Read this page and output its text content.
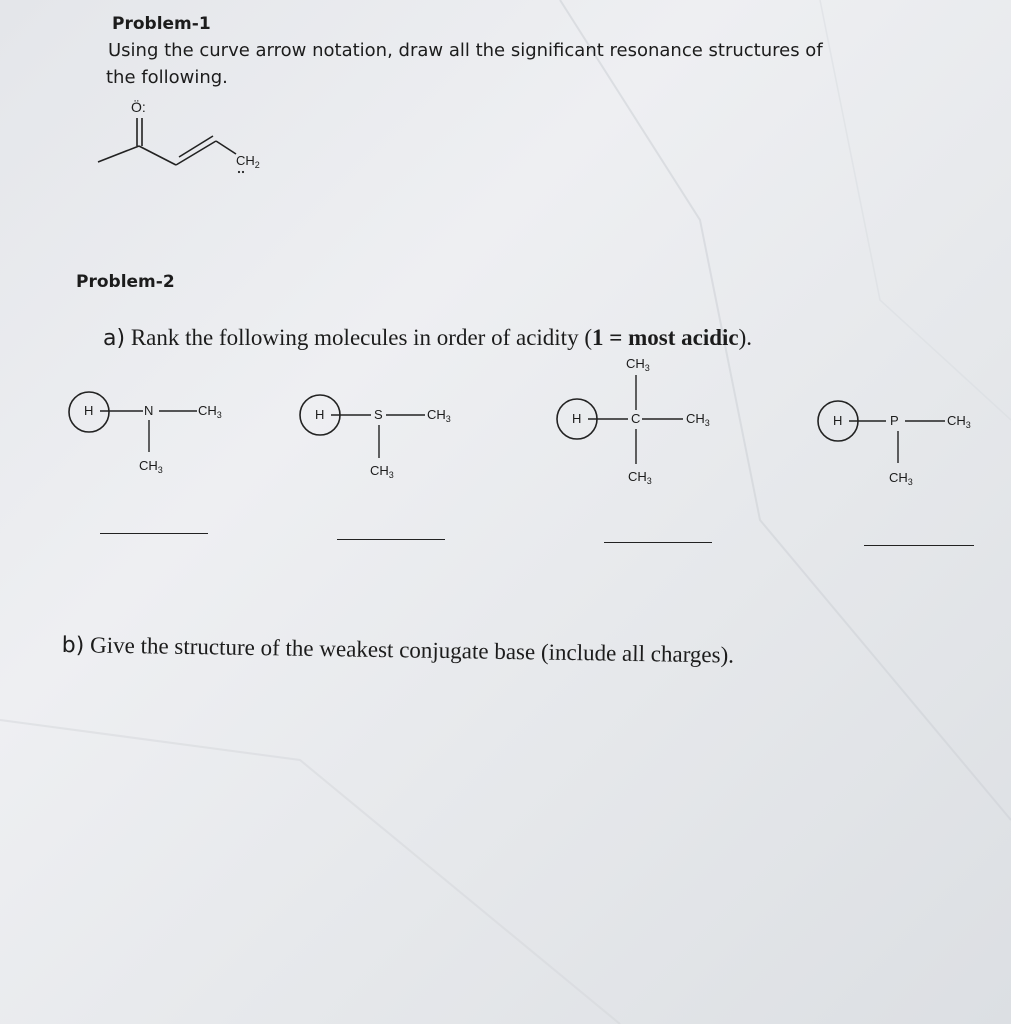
Problem-1
Using the curve arrow notation, draw all the significant resonance structures of
the following.
Ö:
$CH_2$
Problem-2
a) Rank the following molecules in order of acidity (1 = most acidic).
H	N	$CH_3$
$CH_3$
H	S	$CH_3$
$CH_3$
$CH_3$
H	C	$CH_3$
$CH_3$
H	P	$CH_3$
$CH_3$
b) Give the structure of the weakest conjugate base (include all charges).
